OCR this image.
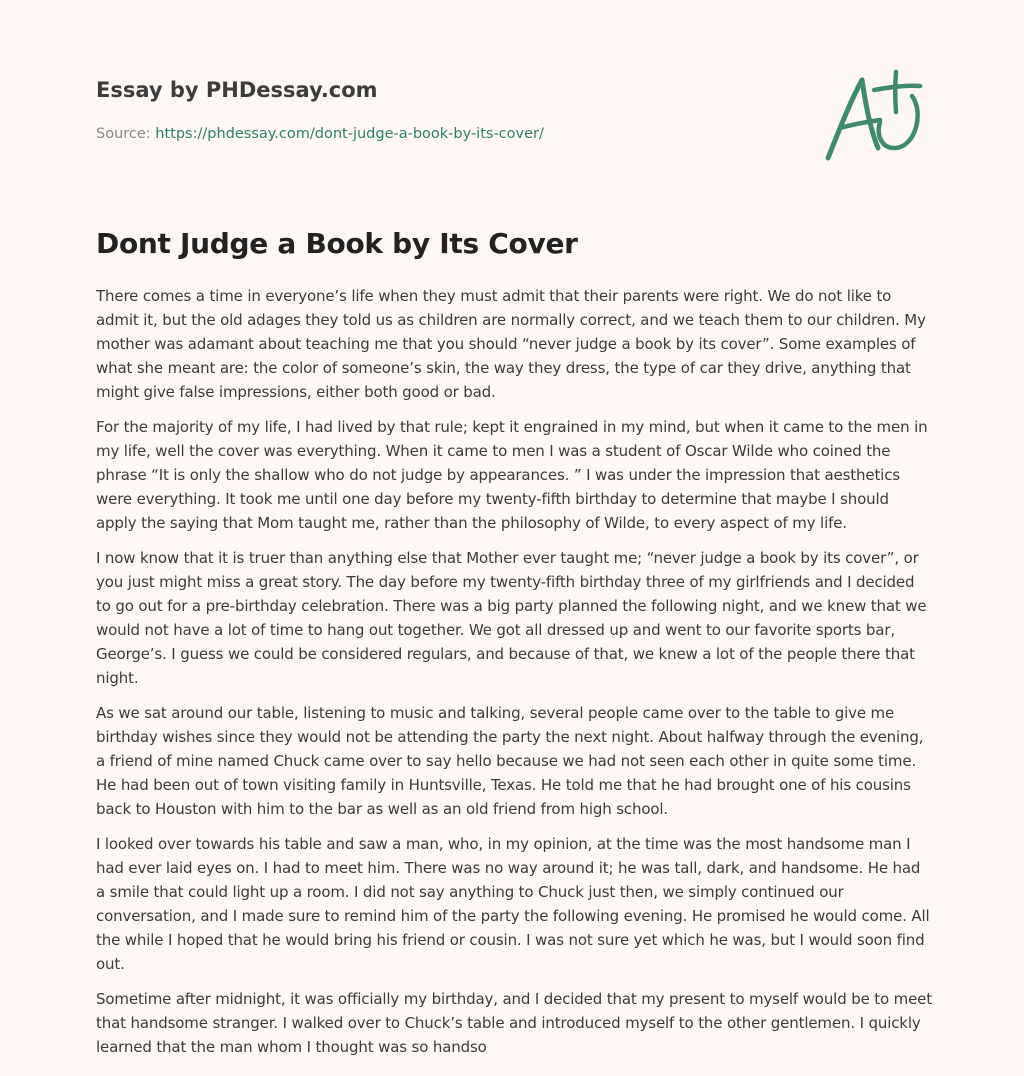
Essay by PHDessay.com
Source: https://phdessay.com/dont-judge-a-book-by-its-cover/
Dont Judge a Book by Its Cover

There comes a time in everyone’s life when they must admit that their parents were right. We do not like to admit it, but the old adages they told us as children are normally correct, and we teach them to our children. My mother was adamant about teaching me that you should “never judge a book by its cover”. Some examples of what she meant are: the color of someone’s skin, the way they dress, the type of car they drive, anything that might give false impressions, either both good or bad.

For the majority of my life, I had lived by that rule; kept it engrained in my mind, but when it came to the men in my life, well the cover was everything. When it came to men I was a student of Oscar Wilde who coined the phrase “It is only the shallow who do not judge by appearances. ” I was under the impression that aesthetics were everything. It took me until one day before my twenty-fifth birthday to determine that maybe I should apply the saying that Mom taught me, rather than the philosophy of Wilde, to every aspect of my life.

I now know that it is truer than anything else that Mother ever taught me; “never judge a book by its cover”, or you just might miss a great story. The day before my twenty-fifth birthday three of my girlfriends and I decided to go out for a pre-birthday celebration. There was a big party planned the following night, and we knew that we would not have a lot of time to hang out together. We got all dressed up and went to our favorite sports bar, George’s. I guess we could be considered regulars, and because of that, we knew a lot of the people there that night.

As we sat around our table, listening to music and talking, several people came over to the table to give me birthday wishes since they would not be attending the party the next night. About halfway through the evening, a friend of mine named Chuck came over to say hello because we had not seen each other in quite some time. He had been out of town visiting family in Huntsville, Texas. He told me that he had brought one of his cousins back to Houston with him to the bar as well as an old friend from high school.

I looked over towards his table and saw a man, who, in my opinion, at the time was the most handsome man I had ever laid eyes on. I had to meet him. There was no way around it; he was tall, dark, and handsome. He had a smile that could light up a room. I did not say anything to Chuck just then, we simply continued our conversation, and I made sure to remind him of the party the following evening. He promised he would come. All the while I hoped that he would bring his friend or cousin. I was not sure yet which he was, but I would soon find out.

Sometime after midnight, it was officially my birthday, and I decided that my present to myself would be to meet that handsome stranger. I walked over to Chuck’s table and introduced myself to the other gentlemen. I quickly learned that the man whom I thought was so handso
